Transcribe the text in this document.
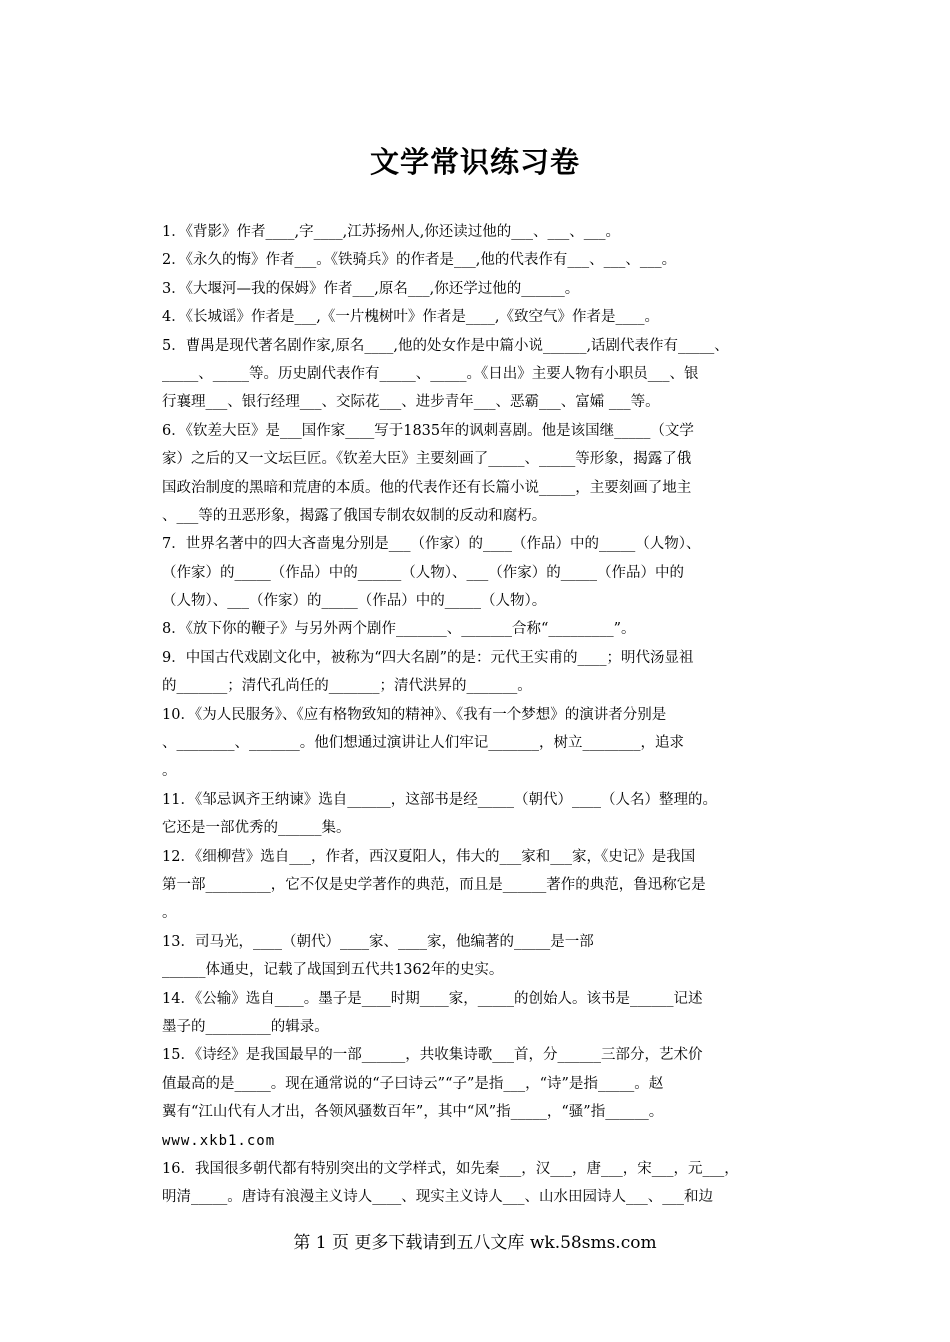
文学常识练习卷
1．《背影》作者____,字____,江苏扬州人,你还读过他的___、___、___。
2．《永久的悔》作者___。《铁骑兵》的作者是___,他的代表作有___、___、___。
3．《大堰河—我的保姆》作者___,原名___,你还学过他的______。
4．《长城谣》作者是___,《一片槐树叶》作者是____,《致空气》作者是____。
5．曹禺是现代著名剧作家,原名____,他的处女作是中篇小说______,话剧代表作有_____、
_____、_____等。历史剧代表作有_____、_____。《日出》主要人物有小职员___、银
行襄理___、银行经理___、交际花___、进步青年___、恶霸___、富孀 ___等。
6．《钦差大臣》是___国作家____写于1835年的讽刺喜剧。他是该国继_____（文学
家）之后的又一文坛巨匠。《钦差大臣》主要刻画了_____、_____等形象，揭露了俄
国政治制度的黑暗和荒唐的本质。他的代表作还有长篇小说_____，主要刻画了地主
、___等的丑恶形象，揭露了俄国专制农奴制的反动和腐朽。
7．世界名著中的四大吝啬鬼分别是___（作家）的____（作品）中的_____（人物）、
（作家）的_____（作品）中的______（人物）、___（作家）的_____（作品）中的
（人物）、___（作家）的_____（作品）中的_____（人物）。
8．《放下你的鞭子》与另外两个剧作_______、_______合称“_________”。
9．中国古代戏剧文化中，被称为“四大名剧”的是：元代王实甫的____；明代汤显祖
的_______；清代孔尚任的_______；清代洪昇的_______。
10．《为人民服务》、《应有格物致知的精神》、《我有一个梦想》的演讲者分别是
、________、_______。他们想通过演讲让人们牢记_______，树立________，追求
。
11．《邹忌讽齐王纳谏》选自______，这部书是经_____（朝代）____（人名）整理的。
它还是一部优秀的______集。
12．《细柳营》选自___，作者，西汉夏阳人，伟大的___家和___家，《史记》是我国
第一部_________，它不仅是史学著作的典范，而且是______著作的典范，鲁迅称它是
。
13．司马光，____（朝代）____家、____家，他编著的_____是一部
______体通史，记载了战国到五代共1362年的史实。
14．《公输》选自____。墨子是____时期____家，_____的创始人。该书是______记述
墨子的_________的辑录。
15．《诗经》是我国最早的一部______，共收集诗歌___首，分______三部分，艺术价
值最高的是_____。现在通常说的“子曰诗云”“子”是指___，“诗”是指_____。赵
翼有“江山代有人才出，各领风骚数百年”，其中“风”指_____，“骚”指______。
www.xkb1.com
16．我国很多朝代都有特别突出的文学样式，如先秦___，汉___，唐___，宋___，元___，
明清_____。唐诗有浪漫主义诗人____、现实主义诗人___、山水田园诗人___、___和边
第 1 页 更多下载请到五八文库 wk.58sms.com
